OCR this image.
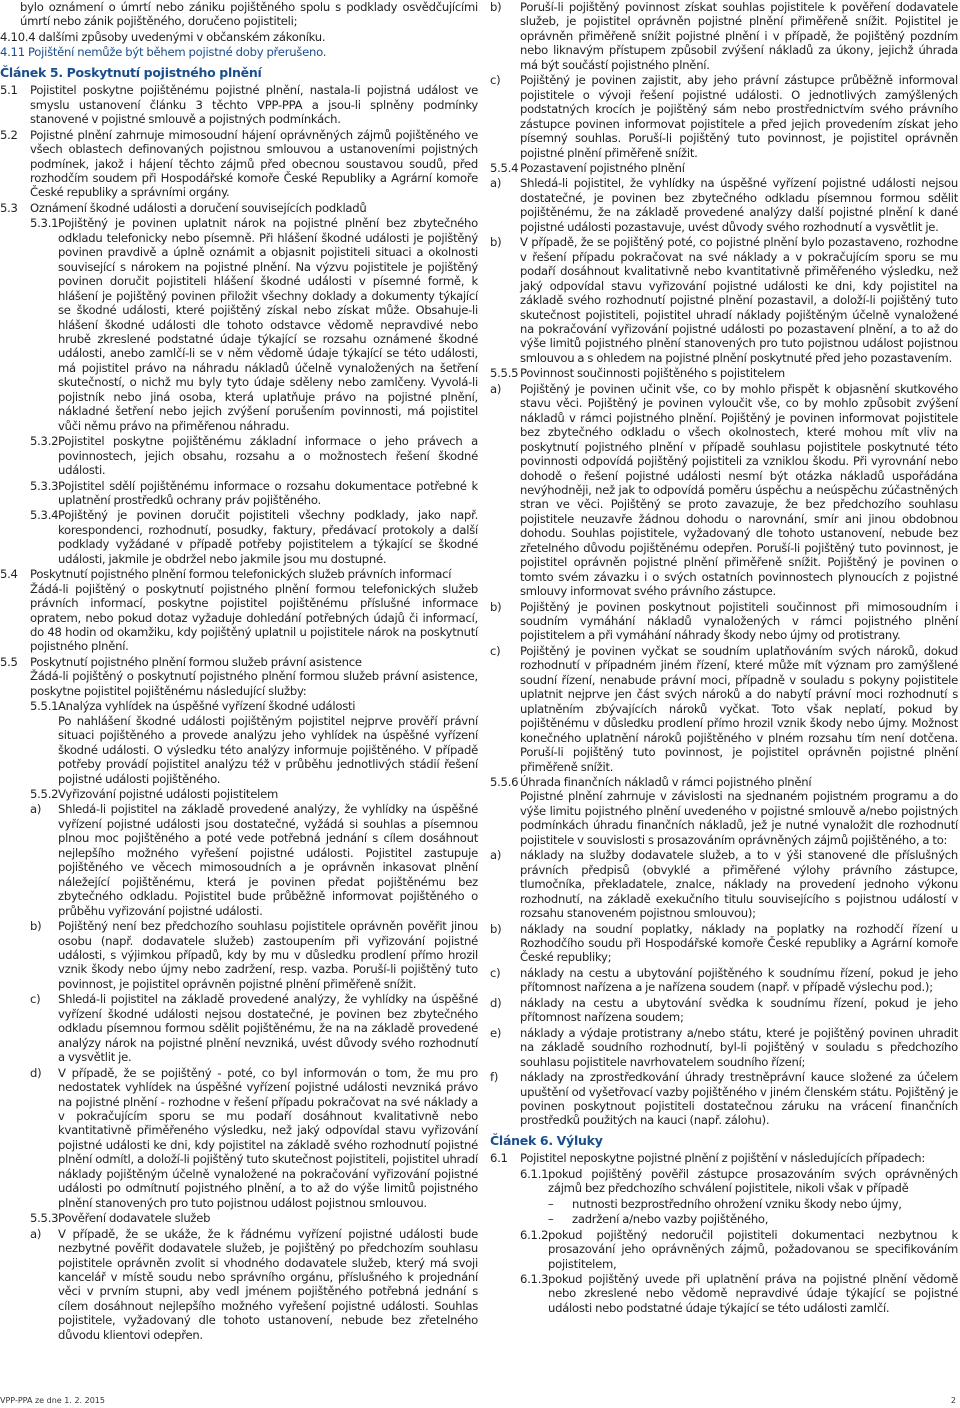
bylo oznámení o úmrtí nebo zániku pojištěného spolu s podklady osvědčujícími úmrtí nebo zánik pojištěného, doručeno pojistiteli;
4.10.4
dalšími způsoby uvedenými v občanském zákoníku.
4.11
Pojištění nemůže být během pojistné doby přerušeno.
Článek 5. Poskytnutí pojistného plnění
5.1	Pojistitel poskytne pojištěnému pojistné plnění, nastala-li pojistná událost ve smyslu ustanovení článku 3 těchto VPP-PPA a jsou-li splněny podmínky stanovené v pojistné smlouvě a pojistných podmínkách.
5.2	Pojistné plnění zahrnuje mimosoudní hájení oprávněných zájmů pojištěného ve všech oblastech definovaných pojistnou smlouvou a ustanoveními pojistných podmínek, jakož i hájení těchto zájmů před obecnou soustavou soudů, před rozhodčím soudem při Hospodářské komoře České Republiky a Agrární komoře České republiky a správními orgány.
5.3	Oznámení škodné události a doručení souvisejících podkladů
5.3.1 Pojištěný je povinen uplatnit nárok na pojistné plnění bez zbytečného odkladu telefonicky nebo písemně. Při hlášení škodné události je pojištěný povinen pravdivě a úplně oznámit a objasnit pojistiteli situaci a okolnosti související s nárokem na pojistné plnění. Na výzvu pojistitele je pojištěný povinen doručit pojistiteli hlášení škodné události v písemné formě, k hlášení je pojištěný povinen přiložit všechny doklady a dokumenty týkající se škodné události, které pojištěný získal nebo získat může. Obsahuje-li hlášení škodné události dle tohoto odstavce vědomě nepravdivé nebo hrubě zkreslené podstatné údaje týkající se rozsahu oznámené škodné události, anebo zamlčí-li se v něm vědomě údaje týkající se této události, má pojistitel právo na náhradu nákladů účelně vynaložených na šetření skutečností, o nichž mu byly tyto údaje sděleny nebo zamlčeny. Vyvolá-li pojistník nebo jiná osoba, která uplatňuje právo na pojistné plnění, nákladné šetření nebo jejich zvýšení porušením povinnosti, má pojistitel vůči němu právo na přiměřenou náhradu.
5.3.2 Pojistitel poskytne pojištěnému základní informace o jeho právech a povinnostech, jejich obsahu, rozsahu a o možnostech řešení škodné události.
5.3.3 Pojistitel sdělí pojištěnému informace o rozsahu dokumentace potřebné k uplatnění prostředků ochrany práv pojištěného.
5.3.4 Pojištěný je povinen doručit pojistiteli všechny podklady, jako např. korespondenci, rozhodnutí, posudky, faktury, předávací protokoly a další podklady vyžádané v případě potřeby pojistitelem a týkající se škodné události, jakmile je obdržel nebo jakmile jsou mu dostupné.
5.4	Poskytnutí pojistného plnění formou telefonických služeb právních informací
Žádá-li pojištěný o poskytnutí pojistného plnění formou telefonických služeb právních informací, poskytne pojistitel pojištěnému příslušné informace opratem, nebo pokud dotaz vyžaduje dohledání potřebných údajů či informací, do 48 hodin od okamžiku, kdy pojištěný uplatnil u pojistitele nárok na poskytnutí pojistného plnění.
5.5	Poskytnutí pojistného plnění formou služeb právní asistence
Žádá-li pojištěný o poskytnutí pojistného plnění formou služeb právní asistence, poskytne pojistitel pojištěnému následující služby:
5.5.1 Analýza vyhlídek na úspěšné vyřízení škodné události
Po nahlášení škodné události pojištěným pojistitel nejprve prověří právní situaci pojištěného a provede analýzu jeho vyhlídek na úspěšné vyřízení škodné události. O výsledku této analýzy informuje pojištěného. V případě potřeby provádí pojistitel analýzu též v průběhu jednotlivých stádií řešení pojistné události pojištěného.
5.5.2 Vyřizování pojistné události pojistitelem
a)	Shledá-li pojistitel na základě provedené analýzy, že vyhlídky na úspěšné vyřízení pojistné události jsou dostatečné, vyžádá si souhlas a písemnou plnou moc pojištěného a poté vede potřebná jednání s cílem dosáhnout nejlepšího možného vyřešení pojistné události. Pojistitel zastupuje pojištěného ve věcech mimosoudních a je oprávněn inkasovat plnění náležející pojištěnému, která je povinen předat pojištěnému bez zbytečného odkladu. Pojistitel bude průběžně informovat pojištěného o průběhu vyřizování pojistné události.
b)	Pojištěný není bez předchozího souhlasu pojistitele oprávněn pověřit jinou osobu (např. dodavatele služeb) zastoupením při vyřizování pojistné události, s výjimkou případů, kdy by mu v důsledku prodlení přímo hrozil vznik škody nebo újmy nebo zadržení, resp. vazba. Poruší-li pojištěný tuto povinnost, je pojistitel oprávněn pojistné plnění přiměřeně snížit.
c)	Shledá-li pojistitel na základě provedené analýzy, že vyhlídky na úspěšné vyřízení škodné události nejsou dostatečné, je povinen bez zbytečného odkladu písemnou formou sdělit pojištěnému, že na na základě provedené analýzy nárok na pojistné plnění nevzniká, uvést důvody svého rozhodnutí a vysvětlit je.
d)	V případě, že se pojištěný - poté, co byl informován o tom, že mu pro nedostatek vyhlídek na úspěšné vyřízení pojistné události nevzniká právo na pojistné plnění - rozhodne v řešení případu pokračovat na své náklady a v pokračujícím sporu se mu podaří dosáhnout kvalitativně nebo kvantitativně přiměřeného výsledku, než jaký odpovídal stavu vyřizování pojistné události ke dni, kdy pojistitel na základě svého rozhodnutí pojistné plnění odmítl, a doloží-li pojištěný tuto skutečnost pojistiteli, pojistitel uhradí náklady pojištěným účelně vynaložené na pokračování vyřizování pojistné události po odmítnutí pojistného plnění, a to až do výše limitů pojistného plnění stanovených pro tuto pojistnou událost pojistnou smlouvou.
5.5.3 Pověření dodavatele služeb
a)	V případě, že se ukáže, že k řádnému vyřízení pojistné události bude nezbytné pověřit dodavatele služeb, je pojištěný po předchozím souhlasu pojistitele oprávněn zvolit si vhodného dodavatele služeb, který má svoji kancelář v místě soudu nebo správního orgánu, příslušného k projednání věci v prvním stupni, aby vedl jménem pojištěného potřebná jednání s cílem dosáhnout nejlepšího možného vyřešení pojistné události. Souhlas pojistitele, vyžadovaný dle tohoto ustanovení, nebude bez zřetelného důvodu klientovi odepřen.
b)	Poruší-li pojištěný povinnost získat souhlas pojistitele k pověření dodavatele služeb, je pojistitel oprávněn pojistné plnění přiměřeně snížit. Pojistitel je oprávněn přiměřeně snížit pojistné plnění i v případě, že pojištěný pozdním nebo liknavým přístupem způsobil zvýšení nákladů za úkony, jejichž úhrada má být součástí pojistného plnění.
c)	Pojištěný je povinen zajistit, aby jeho právní zástupce průběžně informoval pojistitele o vývoji řešení pojistné události. O jednotlivých zamýšlených podstatných krocích je pojištěný sám nebo prostřednictvím svého právního zástupce povinen informovat pojistitele a před jejich provedením získat jeho písemný souhlas. Poruší-li pojištěný tuto povinnost, je pojistitel oprávněn pojistné plnění přiměřeně snížit.
5.5.4 Pozastavení pojistného plnění
a)	Shledá-li pojistitel, že vyhlídky na úspěšné vyřízení pojistné události nejsou dostatečné, je povinen bez zbytečného odkladu písemnou formou sdělit pojištěnému, že na základě provedené analýzy další pojistné plnění k dané pojistné události pozastavuje, uvést důvody svého rozhodnutí a vysvětlit je.
b)	V případě, že se pojištěný poté, co pojistné plnění bylo pozastaveno, rozhodne v řešení případu pokračovat na své náklady a v pokračujícím sporu se mu podaří dosáhnout kvalitativně nebo kvantitativně přiměřeného výsledku, než jaký odpovídal stavu vyřizování pojistné události ke dni, kdy pojistitel na základě svého rozhodnutí pojistné plnění pozastavil, a doloží-li pojištěný tuto skutečnost pojistiteli, pojistitel uhradí náklady pojištěným účelně vynaložené na pokračování vyřizování pojistné události po pozastavení plnění, a to až do výše limitů pojistného plnění stanovených pro tuto pojistnou událost pojistnou smlouvou a s ohledem na pojistné plnění poskytnuté před jeho pozastavením.
5.5.5 Povinnost součinnosti pojištěného s pojistitelem
a)	Pojištěný je povinen učinit vše, co by mohlo přispět k objasnění skutkového stavu věci. Pojištěný je povinen vyloučit vše, co by mohlo způsobit zvýšení nákladů v rámci pojistného plnění. Pojištěný je povinen informovat pojistitele bez zbytečného odkladu o všech okolnostech, které mohou mít vliv na poskytnutí pojistného plnění v případě souhlasu pojistitele poskytnuté této povinnosti odpovídá pojištěný pojistiteli za vzniklou škodu. Při vyrovnání nebo dohodě o řešení pojistné události nesmí být otázka nákladů uspořádána nevýhodněji, než jak to odpovídá poměru úspěchu a neúspěchu zúčastněných stran ve věci. Pojištěný se proto zavazuje, že bez předchozího souhlasu pojistitele neuzavře žádnou dohodu o narovnání, smír ani jinou obdobnou dohodu. Souhlas pojistitele, vyžadovaný dle tohoto ustanovení, nebude bez zřetelného důvodu pojištěnému odepřen. Poruší-li pojištěný tuto povinnost, je pojistitel oprávněn pojistné plnění přiměřeně snížit. Pojištěný je povinen o tomto svém závazku i o svých ostatních povinnostech plynoucích z pojistné smlouvy informovat svého právního zástupce.
b)	Pojištěný je povinen poskytnout pojistiteli součinnost při mimosoudním i soudním vymáhání nákladů vynaložených v rámci pojistného plnění pojistitelem a při vymáhání náhrady škody nebo újmy od protistrany.
c)	Pojištěný je povinen vyčkat se soudním uplatňováním svých nároků, dokud rozhodnutí v případném jiném řízení, které může mít význam pro zamýšlené soudní řízení, nenabude právní moci, případně v souladu s pokyny pojistitele uplatnit nejprve jen část svých nároků a do nabytí právní moci rozhodnutí s uplatněním zbývajících nároků vyčkat. Toto však neplatí, pokud by pojištěnému v důsledku prodlení přímo hrozil vznik škody nebo újmy. Možnost konečného uplatnění nároků pojištěného v plném rozsahu tím není dotčena. Poruší-li pojištěný tuto povinnost, je pojistitel oprávněn pojistné plnění přiměřeně snížit.
5.5.6 Úhrada finančních nákladů v rámci pojistného plnění
Pojistné plnění zahrnuje v závislosti na sjednaném pojistném programu a do výše limitu pojistného plnění uvedeného v pojistné smlouvě a/nebo pojistných podmínkách úhradu finančních nákladů, jež je nutné vynaložit dle rozhodnutí pojistitele v souvislosti s prosazováním oprávněných zájmů pojištěného, a to:
a)	náklady na služby dodavatele služeb, a to v ýši stanovené dle příslušných právních předpisů (obvyklé a přiměřené výlohy právního zástupce, tlumočníka, překladatele, znalce, náklady na provedení jednoho výkonu rozhodnutí, na základě exekučního titulu souvisejícího s pojistnou událostí v rozsahu stanoveném pojistnou smlouvou);
b)	náklady na soudní poplatky, náklady na poplatky na rozhodčí řízení u Rozhodčího soudu při Hospodářské komoře České republiky a Agrární komoře České republiky;
c)	náklady na cestu a ubytování pojištěného k soudnímu řízení, pokud je jeho přítomnost nařízena a je nařízena soudem (např. v případě výslechu pod.);
d)	náklady na cestu a ubytování svědka k soudnímu řízení, pokud je jeho přítomnost nařízena soudem;
e)	náklady a výdaje protistrany a/nebo státu, které je pojištěný povinen uhradit na základě soudního rozhodnutí, byl-li pojištěný v souladu s předchozího souhlasu pojistitele navrhovatelem soudního řízení;
f)	náklady na zprostředkování úhrady trestněprávní kauce složené za účelem upuštění od vyšetřovací vazby pojištěného v jiném členském státu. Pojištěný je povinen poskytnout pojistiteli dostatečnou záruku na vrácení finančních prostředků použitých na kauci (např. zálohu).
Článek 6. Výluky
6.1	Pojistitel neposkytne pojistné plnění z pojištění v následujících případech:
6.1.1 pokud pojištěný pověřil zástupce prosazováním svých oprávněných zájmů bez předchozího schválení pojistitele, nikoli však v případě
–	nutnosti bezprostředního ohrožení vzniku škody nebo újmy,
–	zadržení a/nebo vazby pojištěného,
6.1.2 pokud pojištěný nedoručil pojistiteli dokumentaci nezbytnou k prosazování jeho oprávněných zájmů, požadovanou se specifikováním pojistitelem,
6.1.3 pokud pojištěný uvede při uplatnění práva na pojistné plnění vědomě nebo zkreslené nebo vědomě nepravdivé údaje týkající se pojistné události nebo podstatné údaje týkající se této události zamlčí.
VPP-PPA ze dne 1. 2. 2015	2
